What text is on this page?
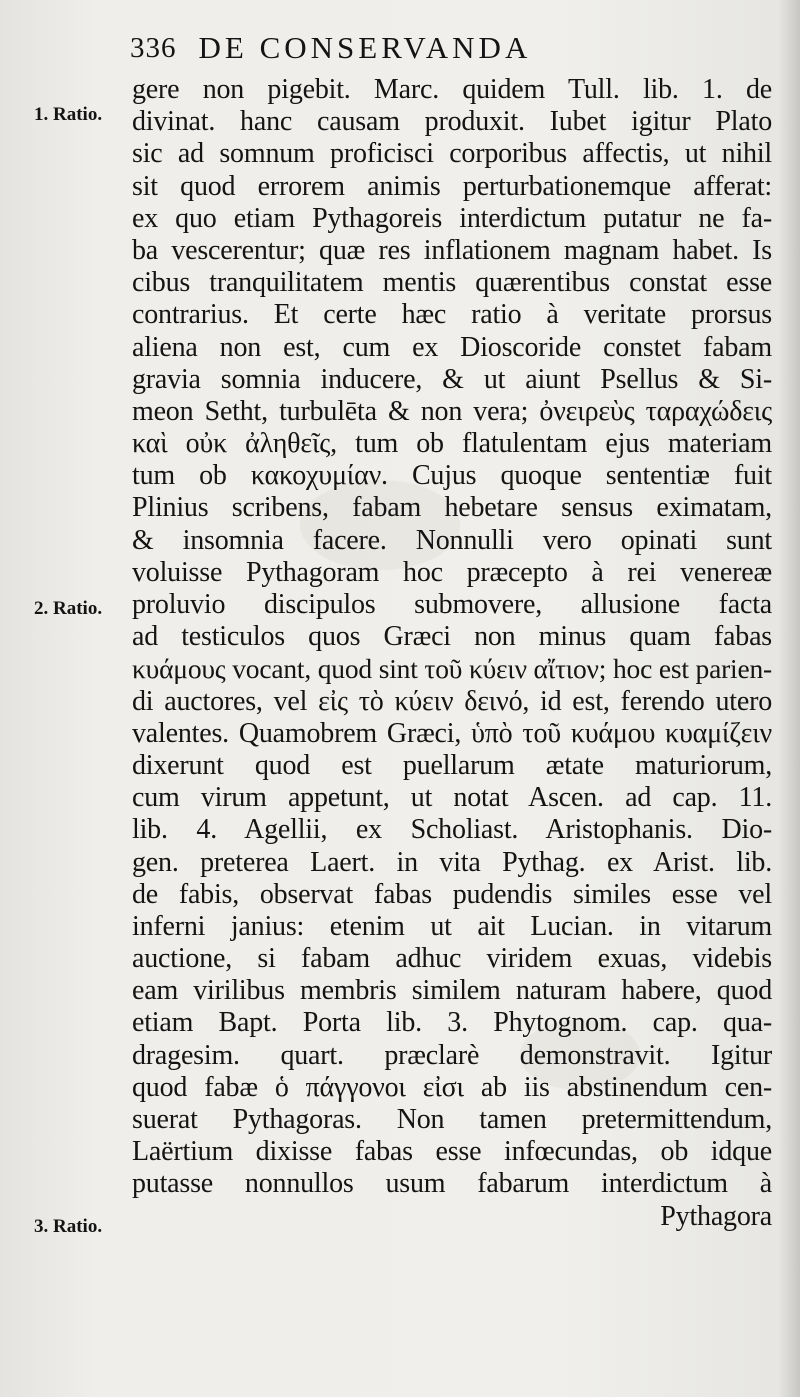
336 DE CONSERVANDA
1. Ratio.
2. Ratio.
3. Ratio.
gere non pigebit. Marc. quidem Tull. lib. 1. de
divinat. hanc causam produxit. Iubet igitur Plato
sic ad somnum proficisci corporibus affectis, ut nihil
sit quod errorem animis perturbationemque afferat:
ex quo etiam Pythagoreis interdictum putatur ne fa-
ba vescerentur; quæ res inflationem magnam habet. Is
cibus tranquilitatem mentis quærentibus constat esse
contrarius. Et certe hæc ratio à veritate prorsus
aliena non est, cum ex Dioscoride constet fabam
gravia somnia inducere, & ut aiunt Psellus & Si-
meon Setht, turbulēta & non vera; ὀνειρεὺς ταραχώδεις
καὶ οὐκ ἀληθεῖς, tum ob flatulentam ejus materiam
tum ob κακοχυμίαν. Cujus quoque sententiæ fuit
Plinius scribens, fabam hebetare sensus eximatam,
& insomnia facere. Nonnulli vero opinati sunt
voluisse Pythagoram hoc præcepto à rei venereæ
proluvio discipulos submovere, allusione facta
ad testiculos quos Græci non minus quam fabas
κυάμους vocant, quod sint τοῦ κύειν αἴτιον; hoc est parien-
di auctores, vel εἰς τὸ κύειν δεινό, id est, ferendo utero
valentes. Quamobrem Græci, ὑπὸ τοῦ κυάμου κυαμίζειν
dixerunt quod est puellarum ætate maturiorum,
cum virum appetunt, ut notat Ascen. ad cap. 11.
lib. 4. Agellii, ex Scholiast. Aristophanis. Dio-
gen. preterea Laert. in vita Pythag. ex Arist. lib.
de fabis, observat fabas pudendis similes esse vel
inferni janius: etenim ut ait Lucian. in vitarum
auctione, si fabam adhuc viridem exuas, videbis
eam virilibus membris similem naturam habere, quod
etiam Bapt. Porta lib. 3. Phytognom. cap. qua-
dragesim. quart. præclarè demonstravit. Igitur
quod fabæ ὁ πάγγονοι εἰσι ab iis abstinendum cen-
suerat Pythagoras. Non tamen pretermittendum,
Laërtium dixisse fabas esse infœcundas, ob idque
putasse nonnullos usum fabarum interdictum à
Pythagora
